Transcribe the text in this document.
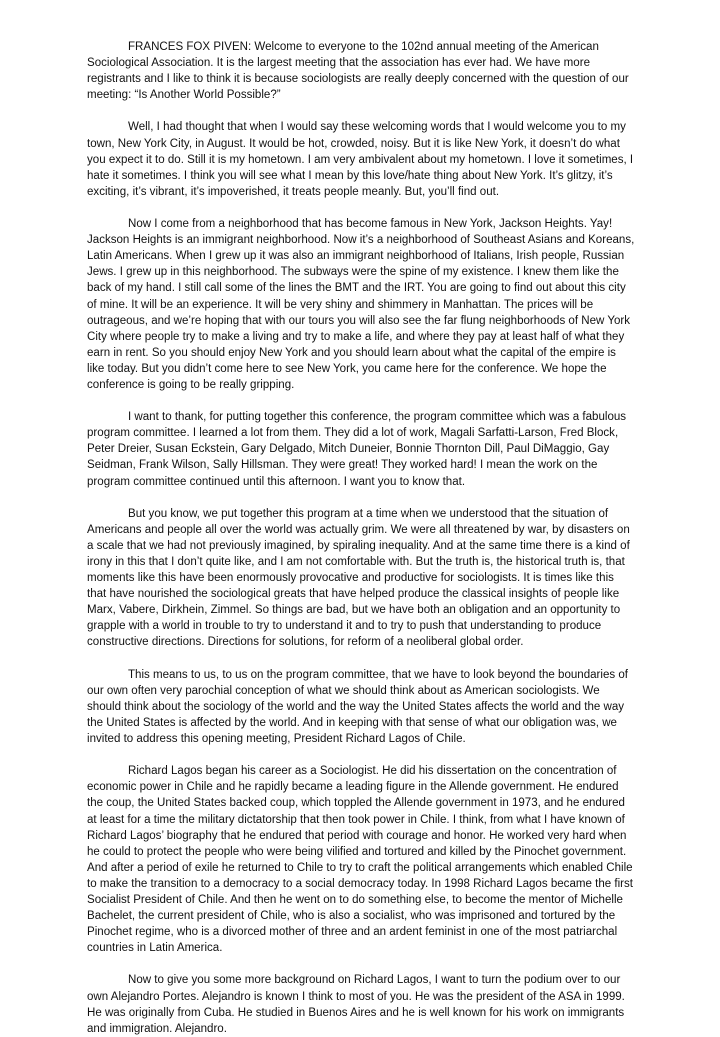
FRANCES FOX PIVEN: Welcome to everyone to the 102nd annual meeting of the American Sociological Association. It is the largest meeting that the association has ever had. We have more registrants and I like to think it is because sociologists are really deeply concerned with the question of our meeting: “Is Another World Possible?”

Well, I had thought that when I would say these welcoming words that I would welcome you to my town, New York City, in August. It would be hot, crowded, noisy. But it is like New York, it doesn’t do what you expect it to do. Still it is my hometown. I am very ambivalent about my hometown. I love it sometimes, I hate it sometimes. I think you will see what I mean by this love/hate thing about New York. It’s glitzy, it’s exciting, it’s vibrant, it’s impoverished, it treats people meanly. But, you’ll find out.

Now I come from a neighborhood that has become famous in New York, Jackson Heights. Yay! Jackson Heights is an immigrant neighborhood. Now it’s a neighborhood of Southeast Asians and Koreans, Latin Americans. When I grew up it was also an immigrant neighborhood of Italians, Irish people, Russian Jews. I grew up in this neighborhood. The subways were the spine of my existence. I knew them like the back of my hand. I still call some of the lines the BMT and the IRT. You are going to find out about this city of mine. It will be an experience. It will be very shiny and shimmery in Manhattan. The prices will be outrageous, and we’re hoping that with our tours you will also see the far flung neighborhoods of New York City where people try to make a living and try to make a life, and where they pay at least half of what they earn in rent. So you should enjoy New York and you should learn about what the capital of the empire is like today. But you didn’t come here to see New York, you came here for the conference. We hope the conference is going to be really gripping.

I want to thank, for putting together this conference, the program committee which was a fabulous program committee. I learned a lot from them. They did a lot of work, Magali Sarfatti-Larson, Fred Block, Peter Dreier, Susan Eckstein, Gary Delgado, Mitch Duneier, Bonnie Thornton Dill, Paul DiMaggio, Gay Seidman, Frank Wilson, Sally Hillsman. They were great! They worked hard! I mean the work on the program committee continued until this afternoon. I want you to know that.

But you know, we put together this program at a time when we understood that the situation of Americans and people all over the world was actually grim. We were all threatened by war, by disasters on a scale that we had not previously imagined, by spiraling inequality. And at the same time there is a kind of irony in this that I don’t quite like, and I am not comfortable with. But the truth is, the historical truth is, that moments like this have been enormously provocative and productive for sociologists. It is times like this that have nourished the sociological greats that have helped produce the classical insights of people like Marx, Vabere, Dirkhein, Zimmel. So things are bad, but we have both an obligation and an opportunity to grapple with a world in trouble to try to understand it and to try to push that understanding to produce constructive directions. Directions for solutions, for reform of a neoliberal global order.

This means to us, to us on the program committee, that we have to look beyond the boundaries of our own often very parochial conception of what we should think about as American sociologists. We should think about the sociology of the world and the way the United States affects the world and the way the United States is affected by the world. And in keeping with that sense of what our obligation was, we invited to address this opening meeting, President Richard Lagos of Chile.

Richard Lagos began his career as a Sociologist. He did his dissertation on the concentration of economic power in Chile and he rapidly became a leading figure in the Allende government. He endured the coup, the United States backed coup, which toppled the Allende government in 1973, and he endured at least for a time the military dictatorship that then took power in Chile. I think, from what I have known of Richard Lagos’ biography that he endured that period with courage and honor. He worked very hard when he could to protect the people who were being vilified and tortured and killed by the Pinochet government. And after a period of exile he returned to Chile to try to craft the political arrangements which enabled Chile to make the transition to a democracy to a social democracy today. In 1998 Richard Lagos became the first Socialist President of Chile. And then he went on to do something else, to become the mentor of Michelle Bachelet, the current president of Chile, who is also a socialist, who was imprisoned and tortured by the Pinochet regime, who is a divorced mother of three and an ardent feminist in one of the most patriarchal countries in Latin America.

Now to give you some more background on Richard Lagos, I want to turn the podium over to our own Alejandro Portes. Alejandro is known I think to most of you. He was the president of the ASA in 1999. He was originally from Cuba. He studied in Buenos Aires and he is well known for his work on immigrants and immigration. Alejandro.
